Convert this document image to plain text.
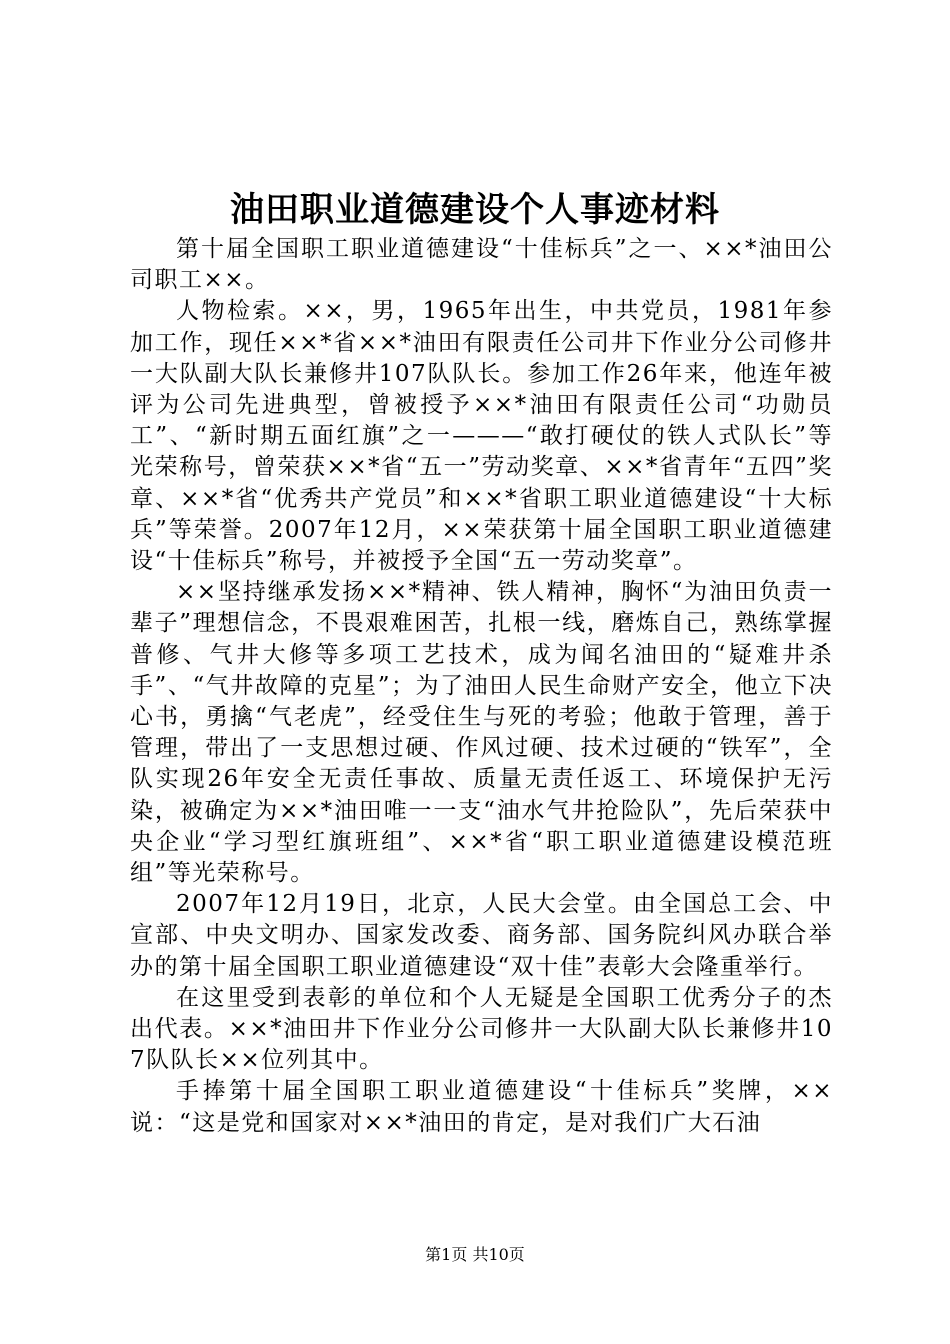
油田职业道德建设个人事迹材料

第十届全国职工职业道德建设“十佳标兵”之一、××*油田公司职工××。

人物检索。××，男，1965年出生，中共党员，1981年参加工作，现任××*省××*油田有限责任公司井下作业分公司修井一大队副大队长兼修井107队队长。参加工作26年来，他连年被评为公司先进典型，曾被授予××*油田有限责任公司“功勋员工”、“新时期五面红旗”之一———“敢打硬仗的铁人式队长”等光荣称号，曾荣获××*省“五一”劳动奖章、××*省青年“五四”奖章、××*省“优秀共产党员”和××*省职工职业道德建设“十大标兵”等荣誉。2007年12月，××荣获第十届全国职工职业道德建设“十佳标兵”称号，并被授予全国“五一劳动奖章”。

××坚持继承发扬××*精神、铁人精神，胸怀“为油田负责一辈子”理想信念，不畏艰难困苦，扎根一线，磨炼自己，熟练掌握普修、气井大修等多项工艺技术，成为闻名油田的“疑难井杀手”、“气井故障的克星”；为了油田人民生命财产安全，他立下决心书，勇擒“气老虎”，经受住生与死的考验；他敢于管理，善于管理，带出了一支思想过硬、作风过硬、技术过硬的“铁军”，全队实现26年安全无责任事故、质量无责任返工、环境保护无污染，被确定为××*油田唯一一支“油水气井抢险队”，先后荣获中央企业“学习型红旗班组”、××*省“职工职业道德建设模范班组”等光荣称号。

2007年12月19日，北京，人民大会堂。由全国总工会、中宣部、中央文明办、国家发改委、商务部、国务院纠风办联合举办的第十届全国职工职业道德建设“双十佳”表彰大会隆重举行。

在这里受到表彰的单位和个人无疑是全国职工优秀分子的杰出代表。××*油田井下作业分公司修井一大队副大队长兼修井107队队长××位列其中。

手捧第十届全国职工职业道德建设“十佳标兵”奖牌，××说：“这是党和国家对××*油田的肯定，是对我们广大石油

第1页 共10页
